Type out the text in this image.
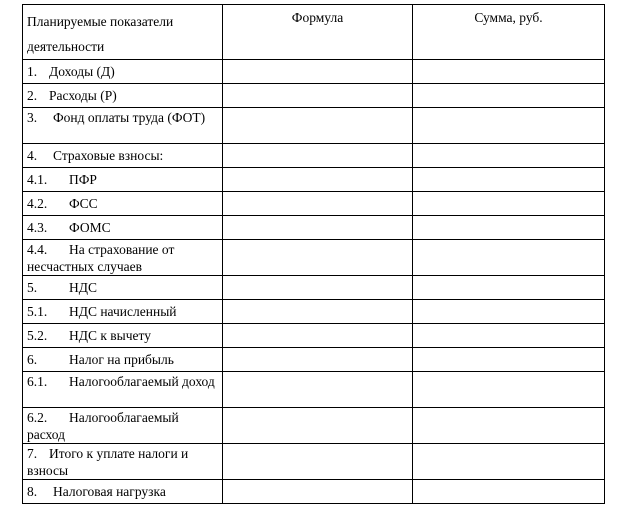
Планируемые показатели деятельности	Формула	Сумма, руб.
1. Доходы (Д)		
2. Расходы (Р)		
3. Фонд оплаты труда (ФОТ)		
4. Страховые взносы:		
4.1. ПФР		
4.2. ФСС		
4.3. ФОМС		
4.4. На страхование от несчастных случаев		
5. НДС		
5.1. НДС начисленный		
5.2. НДС к вычету		
6. Налог на прибыль		
6.1. Налогооблагаемый доход		
6.2. Налогооблагаемый расход		
7. Итого к уплате налоги и взносы		
8. Налоговая нагрузка		
